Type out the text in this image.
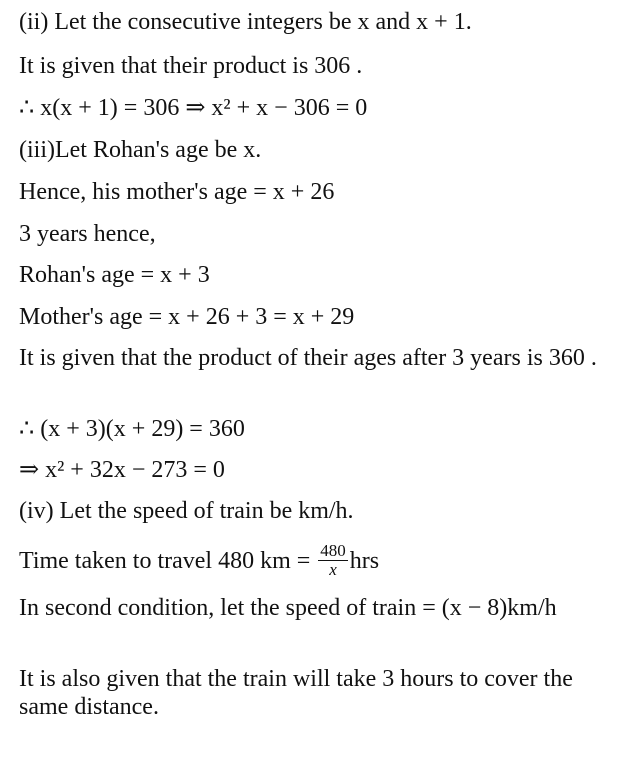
(ii) Let the consecutive integers be x and x + 1.
It is given that their product is 306 .
∴ x(x + 1) = 306 ⇒ x² + x − 306 = 0
(iii)Let Rohan's age be x.
Hence, his mother's age = x + 26
3 years hence,
Rohan's age = x + 3
Mother's age = x + 26 + 3 = x + 29
It is given that the product of their ages after 3 years is 360 .
∴ (x + 3)(x + 29) = 360
⇒ x² + 32x − 273 = 0
(iv) Let the speed of train be km/h.
Time taken to travel 480 km = $\frac{480}{x}$ hrs
In second condition, let the speed of train = (x − 8)km/h
It is also given that the train will take 3 hours to cover the same distance.
